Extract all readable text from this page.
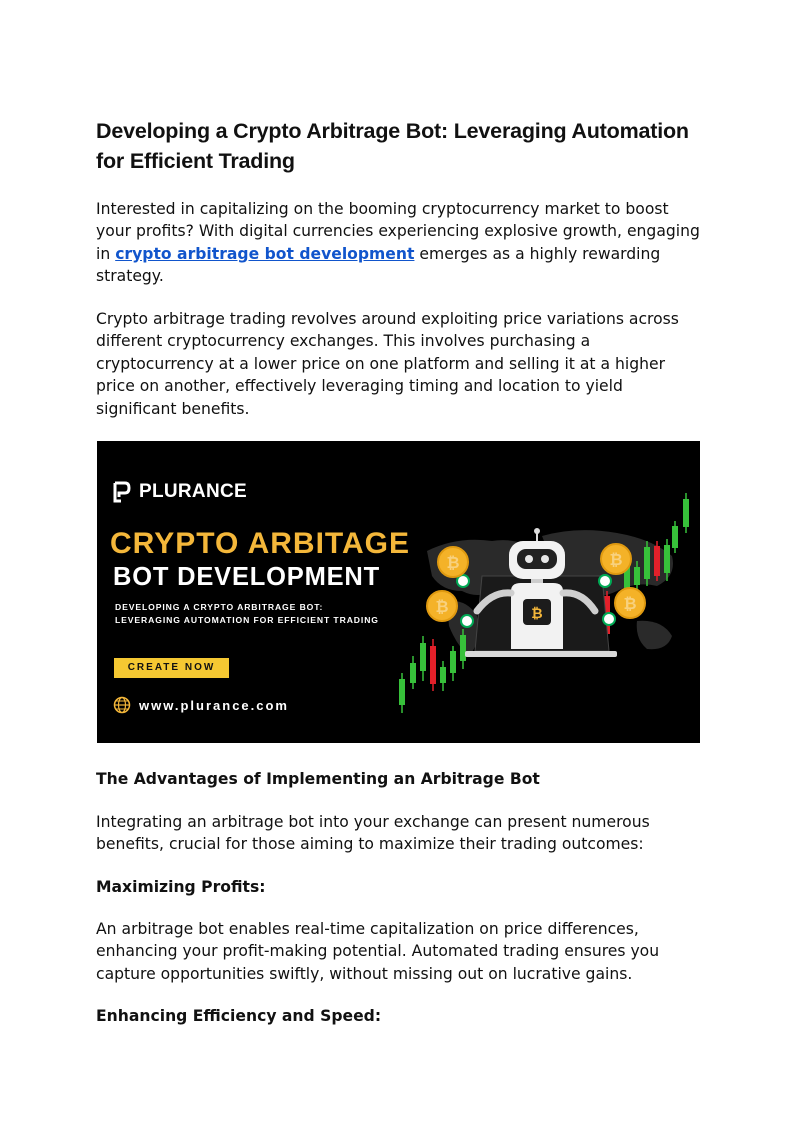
Developing a Crypto Arbitrage Bot: Leveraging Automation for Efficient Trading

Interested in capitalizing on the booming cryptocurrency market to boost your profits? With digital currencies experiencing explosive growth, engaging in crypto arbitrage bot development emerges as a highly rewarding strategy.

Crypto arbitrage trading revolves around exploiting price variations across different cryptocurrency exchanges. This involves purchasing a cryptocurrency at a lower price on one platform and selling it at a higher price on another, effectively leveraging timing and location to yield significant benefits.

The Advantages of Implementing an Arbitrage Bot

Integrating an arbitrage bot into your exchange can present numerous benefits, crucial for those aiming to maximize their trading outcomes:

Maximizing Profits:

An arbitrage bot enables real-time capitalization on price differences, enhancing your profit-making potential. Automated trading ensures you capture opportunities swiftly, without missing out on lucrative gains.

Enhancing Efficiency and Speed:
₿
₿
₿
₿
₿
PLURANCE
CRYPTO ARBITAGE
BOT DEVELOPMENT
DEVELOPING A CRYPTO ARBITRAGE BOT:
LEVERAGING AUTOMATION FOR EFFICIENT TRADING
CREATE NOW
www.plurance.com
